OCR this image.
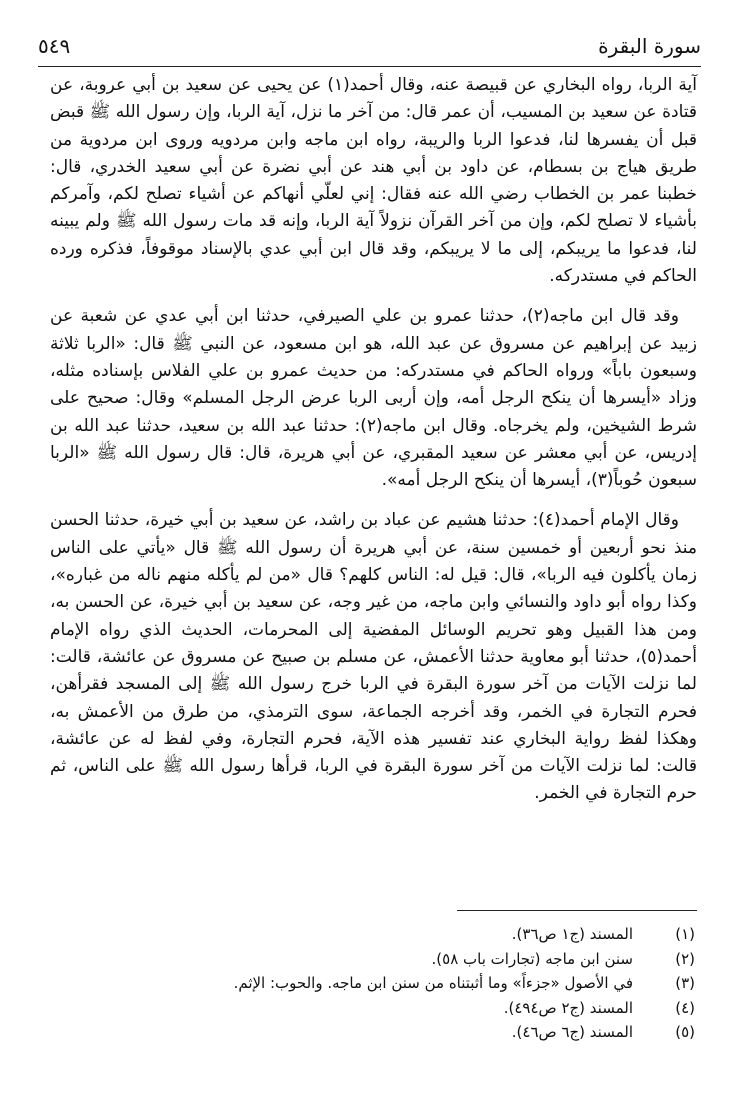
سورة البقرة
٥٤٩

آية الربا، رواه البخاري عن قبيصة عنه، وقال أحمد(١) عن يحيى عن سعيد بن أبي عروبة، عن قتادة عن سعيد بن المسيب، أن عمر قال: من آخر ما نزل، آية الربا، وإن رسول الله ﷺ قبض قبل أن يفسرها لنا، فدعوا الربا والريبة، رواه ابن ماجه وابن مردويه وروى ابن مردوية من طريق هياج بن بسطام، عن داود بن أبي هند عن أبي نضرة عن أبي سعيد الخدري، قال: خطبنا عمر بن الخطاب رضي الله عنه فقال: إني لعلّي أنهاكم عن أشياء تصلح لكم، وآمركم بأشياء لا تصلح لكم، وإن من آخر القرآن نزولاً آية الربا، وإنه قد مات رسول الله ﷺ ولم يبينه لنا، فدعوا ما يريبكم، إلى ما لا يريبكم، وقد قال ابن أبي عدي بالإسناد موقوفاً، فذكره ورده الحاكم في مستدركه.

وقد قال ابن ماجه(٢)، حدثنا عمرو بن علي الصيرفي، حدثنا ابن أبي عدي عن شعبة عن زبيد عن إبراهيم عن مسروق عن عبد الله، هو ابن مسعود، عن النبي ﷺ قال: «الربا ثلاثة وسبعون باباً» ورواه الحاكم في مستدركه: من حديث عمرو بن علي الفلاس بإسناده مثله، وزاد «أيسرها أن ينكح الرجل أمه، وإن أربى الربا عرض الرجل المسلم» وقال: صحيح على شرط الشيخين، ولم يخرجاه. وقال ابن ماجه(٢): حدثنا عبد الله بن سعيد، حدثنا عبد الله بن إدريس، عن أبي معشر عن سعيد المقبري، عن أبي هريرة، قال: قال رسول الله ﷺ «الربا سبعون حُوباً(٣)، أيسرها أن ينكح الرجل أمه».

وقال الإمام أحمد(٤): حدثنا هشيم عن عباد بن راشد، عن سعيد بن أبي خيرة، حدثنا الحسن منذ نحو أربعين أو خمسين سنة، عن أبي هريرة أن رسول الله ﷺ قال «يأتي على الناس زمان يأكلون فيه الربا»، قال: قيل له: الناس كلهم؟ قال «من لم يأكله منهم ناله من غباره»، وكذا رواه أبو داود والنسائي وابن ماجه، من غير وجه، عن سعيد بن أبي خيرة، عن الحسن به، ومن هذا القبيل وهو تحريم الوسائل المفضية إلى المحرمات، الحديث الذي رواه الإمام أحمد(٥)، حدثنا أبو معاوية حدثنا الأعمش، عن مسلم بن صبيح عن مسروق عن عائشة، قالت: لما نزلت الآيات من آخر سورة البقرة في الربا خرج رسول الله ﷺ إلى المسجد فقرأهن، فحرم التجارة في الخمر، وقد أخرجه الجماعة، سوى الترمذي، من طرق من الأعمش به، وهكذا لفظ رواية البخاري عند تفسير هذه الآية، فحرم التجارة، وفي لفظ له عن عائشة، قالت: لما نزلت الآيات من آخر سورة البقرة في الربا، قرأها رسول الله ﷺ على الناس، ثم حرم التجارة في الخمر.

(١)
المسند (ج١ ص٣٦).
(٢)
سنن ابن ماجه (تجارات باب ٥٨).
(٣)
في الأصول «جزءاً» وما أثبتناه من سنن ابن ماجه. والحوب: الإثم.
(٤)
المسند (ج٢ ص٤٩٤).
(٥)
المسند (ج٦ ص٤٦).
